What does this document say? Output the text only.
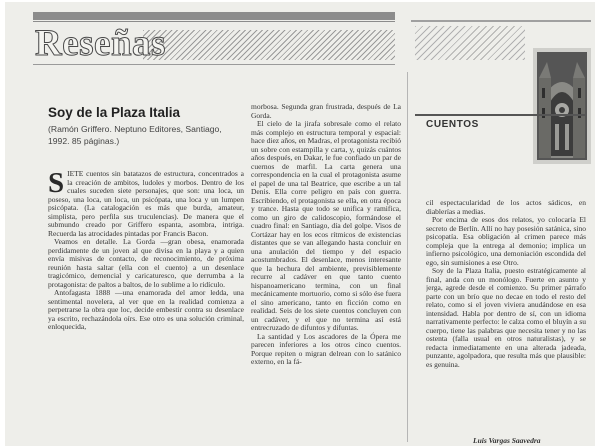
Reseñas
Soy de la Plaza Italia

(Ramón Griffero. Neptuno Editores, Santiago, 1992. 85 páginas.)

SIETE cuentos sin batatazos de estructura, concentrados a la creación de ambitos, ludoles y morbos. Dentro de los cuales suceden siete personajes, que son: una loca, un poseso, una loca, un loca, un psicópata, una loca y un lumpen psicópata. (La catalogación es más que burda, amateur, simplista, pero perfila sus truculencias). De manera que el submundo creado por Griffero espanta, asombra, intriga. Recuerda las atrocidades pintadas por Francis Bacon.

Veamos en detalle. La Gorda —gran obesa, enamorada perdidamente de un joven al que divisa en la playa y a quien envía misivas de contacto, de reconocimiento, de próxima reunión hasta saltar (ella con el cuento) a un desenlace tragicómico, demencial y caricaturesco, que derrumba a la protagonista: de paltos a baltos, de lo sublime a lo ridículo.

Antofagasta 1888 —una enamorada del amor ledda, una sentimental novelera, al ver que en la realidad comienza a perpetrarse la obra que loc, decide embestir contra su desenlace ya escrito, rechazándola oírs. Ese otro es una solución criminal, enloquecida,

morbosa. Segunda gran frustrada, después de La Gorda.

El cielo de la jirafa sobresale como el relato más complejo en estructura temporal y espacial: hace diez años, en Madras, el protagonista recibió un sobre con estampilla y carta, y, quizás cuántos años después, en Dakar, le fue confiado un par de cuernos de marfil. La carta genera una correspondencia en la cual el protagonista asume el papel de una tal Beatrice, que escribe a un tal Denis. Ella corre peligro en país con guerra. Escribiendo, el protagonista se ella, en otra época y trance. Hasta que todo se unifica y ramifica, como un giro de calidoscopio, formándose el cuadro final: en Santiago, día del golpe. Visos de Cortázar hay en los ecos rítmicos de existencias distantes que se van allegando hasta concluir en una anulación del tiempo y del espacio acostumbrados. El desenlace, menos interesante que la hechura del ambiente, previsiblemente recurre al cadáver en que tanto cuento hispanoamericano termina, con un final mecánicamente mortuorio, como si sólo ése fuera el sino americano, tanto en ficción como en realidad. Seis de los siete cuentos concluyen con un cadáver, y el que no termina así está entrecruzado de difuntos y difuntas.

La santidad y Los ascadores de la Ópera me parecen inferiores a los otros cinco cuentos. Porque repiten o migran delrean con lo satánico externo, en la fá-

CUENTOS

cil espectacularidad de los actos sádicos, en diablerías a medias.

Por encima de esos dos relatos, yo colocaría El secreto de Berlín. Allí no hay posesión satánica, sino psicopatía. Esa obligación al crimen parece más compleja que la entrega al demonio; implica un infierno psicológico, una demoniación escondida del ego, sin sumisiones a ese Otro.

Soy de la Plaza Italia, puesto estratégicamente al final, anda con un monólogo. Fuerte en asunto y jerga, agrede desde el comienzo. Su primer párrafo parte con un brío que no decae en todo el resto del relato, como si el joven viviera anudándose en esa intensidad. Habla por dentro de sí, con un idioma narrativamente perfecto: le calza como el bluyín a su cuerpo, tiene las palabras que necesita tener y no las ostenta (falla usual en otros naturalistas), y se redacta inmediatamente en una alterada jadeada, punzante, agolpadora, que resulta más que plausible: es genuina.

Luis Vargas Saavedra
